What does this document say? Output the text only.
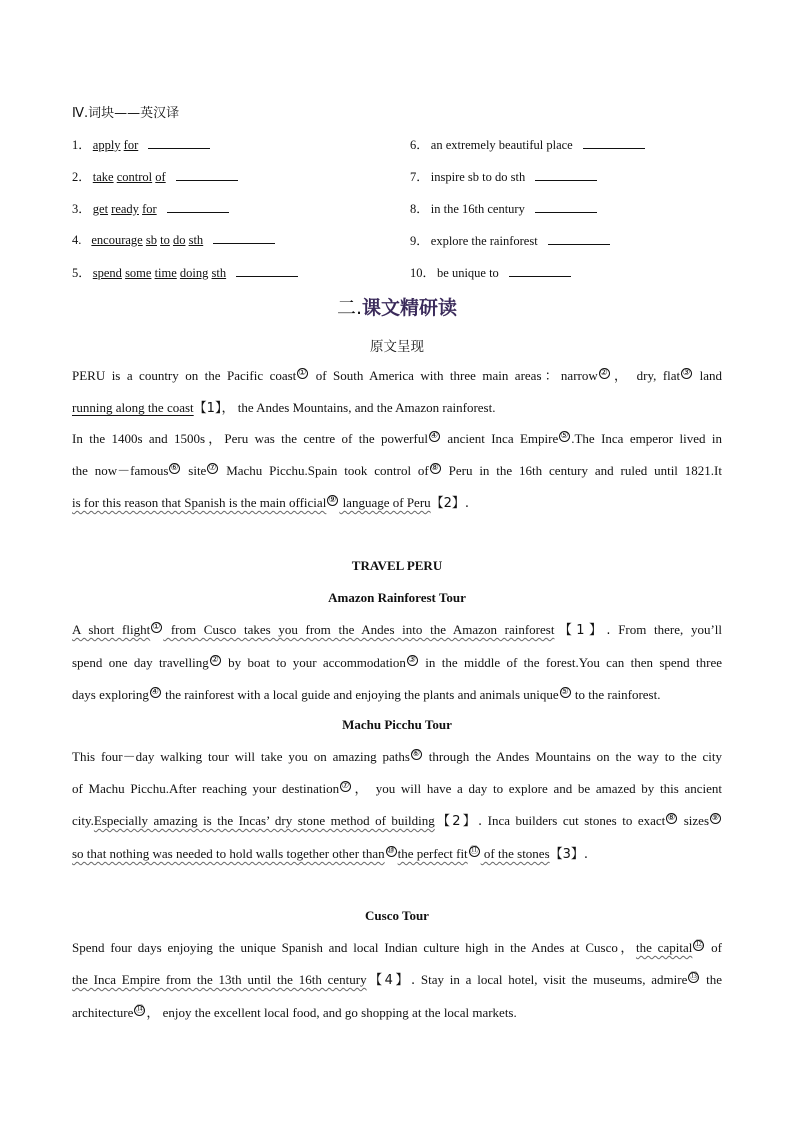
Ⅳ.词块——英汉译
1． apply for
2． take control of
3． get ready for
4. encourage sb to do sth
5． spend some time doing sth
6． an extremely beautiful place
7． inspire sb to do sth
8． in the 16th century
9． explore the rainforest
10． be unique to
二.课文精研读
原文呈现
PERU is a country on the Pacific coast ① of South America with three main areas：narrow ② ， dry, flat ③ land
running along the coast【1】， the Andes Mountains, and the Amazon rainforest.
In the 1400s and 1500s，Peru was the centre of the powerful ④ ancient Inca Empire ⑤ .The Inca emperor lived in
the now－famous ⑥ site ⑦ Machu Picchu.Spain took control of ⑧ Peru in the 16th century and ruled until 1821.It
is for this reason that Spanish is the main official ⑨ language of Peru【2】.
TRAVEL PERU
Amazon Rainforest Tour
A short flight ① from Cusco takes you from the Andes into the Amazon rainforest【1】. From there, you’ll
spend one day travelling ② by boat to your accommodation ③ in the middle of the forest.You can then spend three
days exploring ④ the rainforest with a local guide and enjoying the plants and animals unique ⑤ to the rainforest.
Machu Picchu Tour
This four－day walking tour will take you on amazing paths ⑥ through the Andes Mountains on the way to the city
of Machu Picchu.After reaching your destination ⑦ ， you will have a day to explore and be amazed by this ancient
city.Especially amazing is the Incas’ dry stone method of building【2】. Inca builders cut stones to exact ⑧ sizes ⑨
so that nothing was needed to hold walls together other than ⑩ the perfect fit ⑪ of the stones【3】.
Cusco Tour
Spend four days enjoying the unique Spanish and local Indian culture high in the Andes at Cusco，the capital ⑫ of
the Inca Empire from the 13th until the 16th century【4】. Stay in a local hotel, visit the museums, admire ⑬ the
architecture ⑭ ， enjoy the excellent local food, and go shopping at the local markets.
